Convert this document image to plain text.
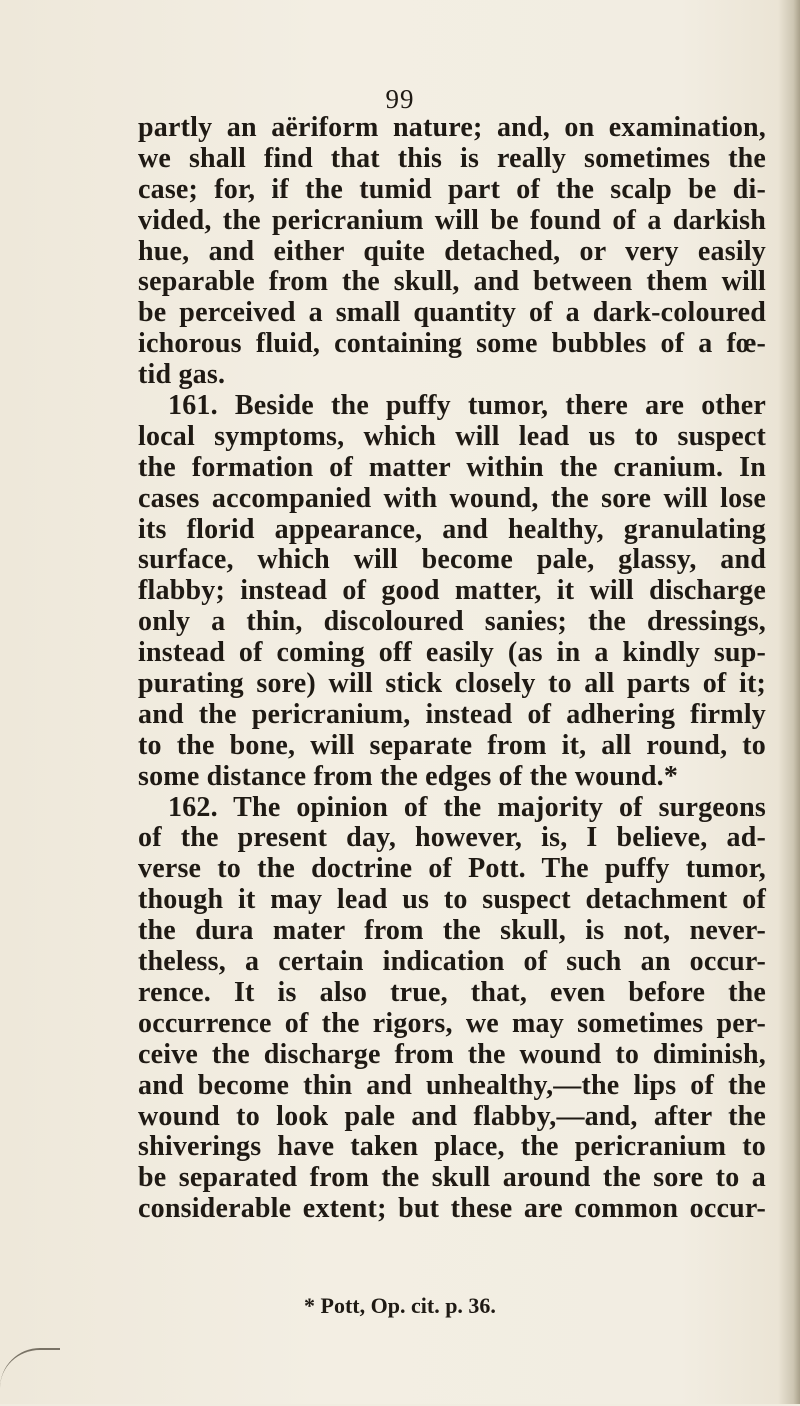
99
partly an aëriform nature; and, on examination,
we shall find that this is really sometimes the
case; for, if the tumid part of the scalp be di-
vided, the pericranium will be found of a darkish
hue, and either quite detached, or very easily
separable from the skull, and between them will
be perceived a small quantity of a dark-coloured
ichorous fluid, containing some bubbles of a fœ-
tid gas.
161. Beside the puffy tumor, there are other
local symptoms, which will lead us to suspect
the formation of matter within the cranium. In
cases accompanied with wound, the sore will lose
its florid appearance, and healthy, granulating
surface, which will become pale, glassy, and
flabby; instead of good matter, it will discharge
only a thin, discoloured sanies; the dressings,
instead of coming off easily (as in a kindly sup-
purating sore) will stick closely to all parts of it;
and the pericranium, instead of adhering firmly
to the bone, will separate from it, all round, to
some distance from the edges of the wound.*
162. The opinion of the majority of surgeons
of the present day, however, is, I believe, ad-
verse to the doctrine of Pott. The puffy tumor,
though it may lead us to suspect detachment of
the dura mater from the skull, is not, never-
theless, a certain indication of such an occur-
rence. It is also true, that, even before the
occurrence of the rigors, we may sometimes per-
ceive the discharge from the wound to diminish,
and become thin and unhealthy,—the lips of the
wound to look pale and flabby,—and, after the
shiverings have taken place, the pericranium to
be separated from the skull around the sore to a
considerable extent; but these are common occur-
* Pott, Op. cit. p. 36.
